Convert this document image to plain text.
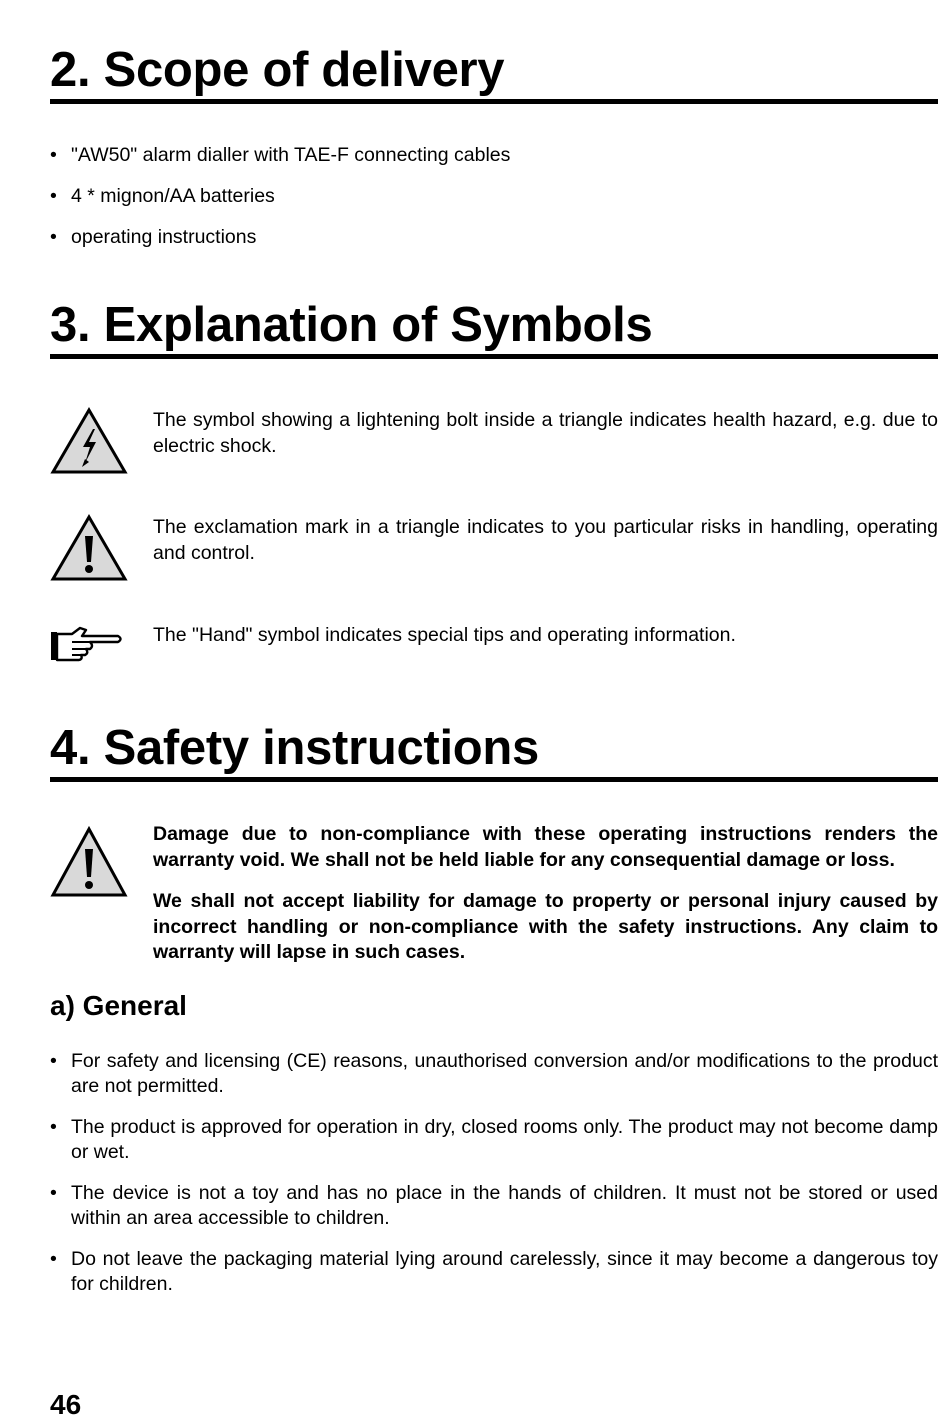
2. Scope of delivery
• "AW50" alarm dialler with TAE-F connecting cables
• 4 * mignon/AA batteries
• operating instructions
3. Explanation of Symbols
The symbol showing a lightening bolt inside a triangle indicates health hazard, e.g. due to electric shock.
The exclamation mark in a triangle indicates to you particular risks in handling, operating and control.
The "Hand" symbol indicates special tips and operating information.
4. Safety instructions

Damage due to non-compliance with these operating instructions renders the warranty void. We shall not be held liable for any consequential damage or loss.

We shall not accept liability for damage to property or personal injury caused by incorrect handling or non-compliance with the safety instructions. Any claim to warranty will lapse in such cases.

a) General
• For safety and licensing (CE) reasons, unauthorised conversion and/or modifications to the product are not permitted.
• The product is approved for operation in dry, closed rooms only. The product may not become damp or wet.
• The device is not a toy and has no place in the hands of children. It must not be stored or used within an area accessible to children.
• Do not leave the packaging material lying around carelessly, since it may become a dangerous toy for children.

46
